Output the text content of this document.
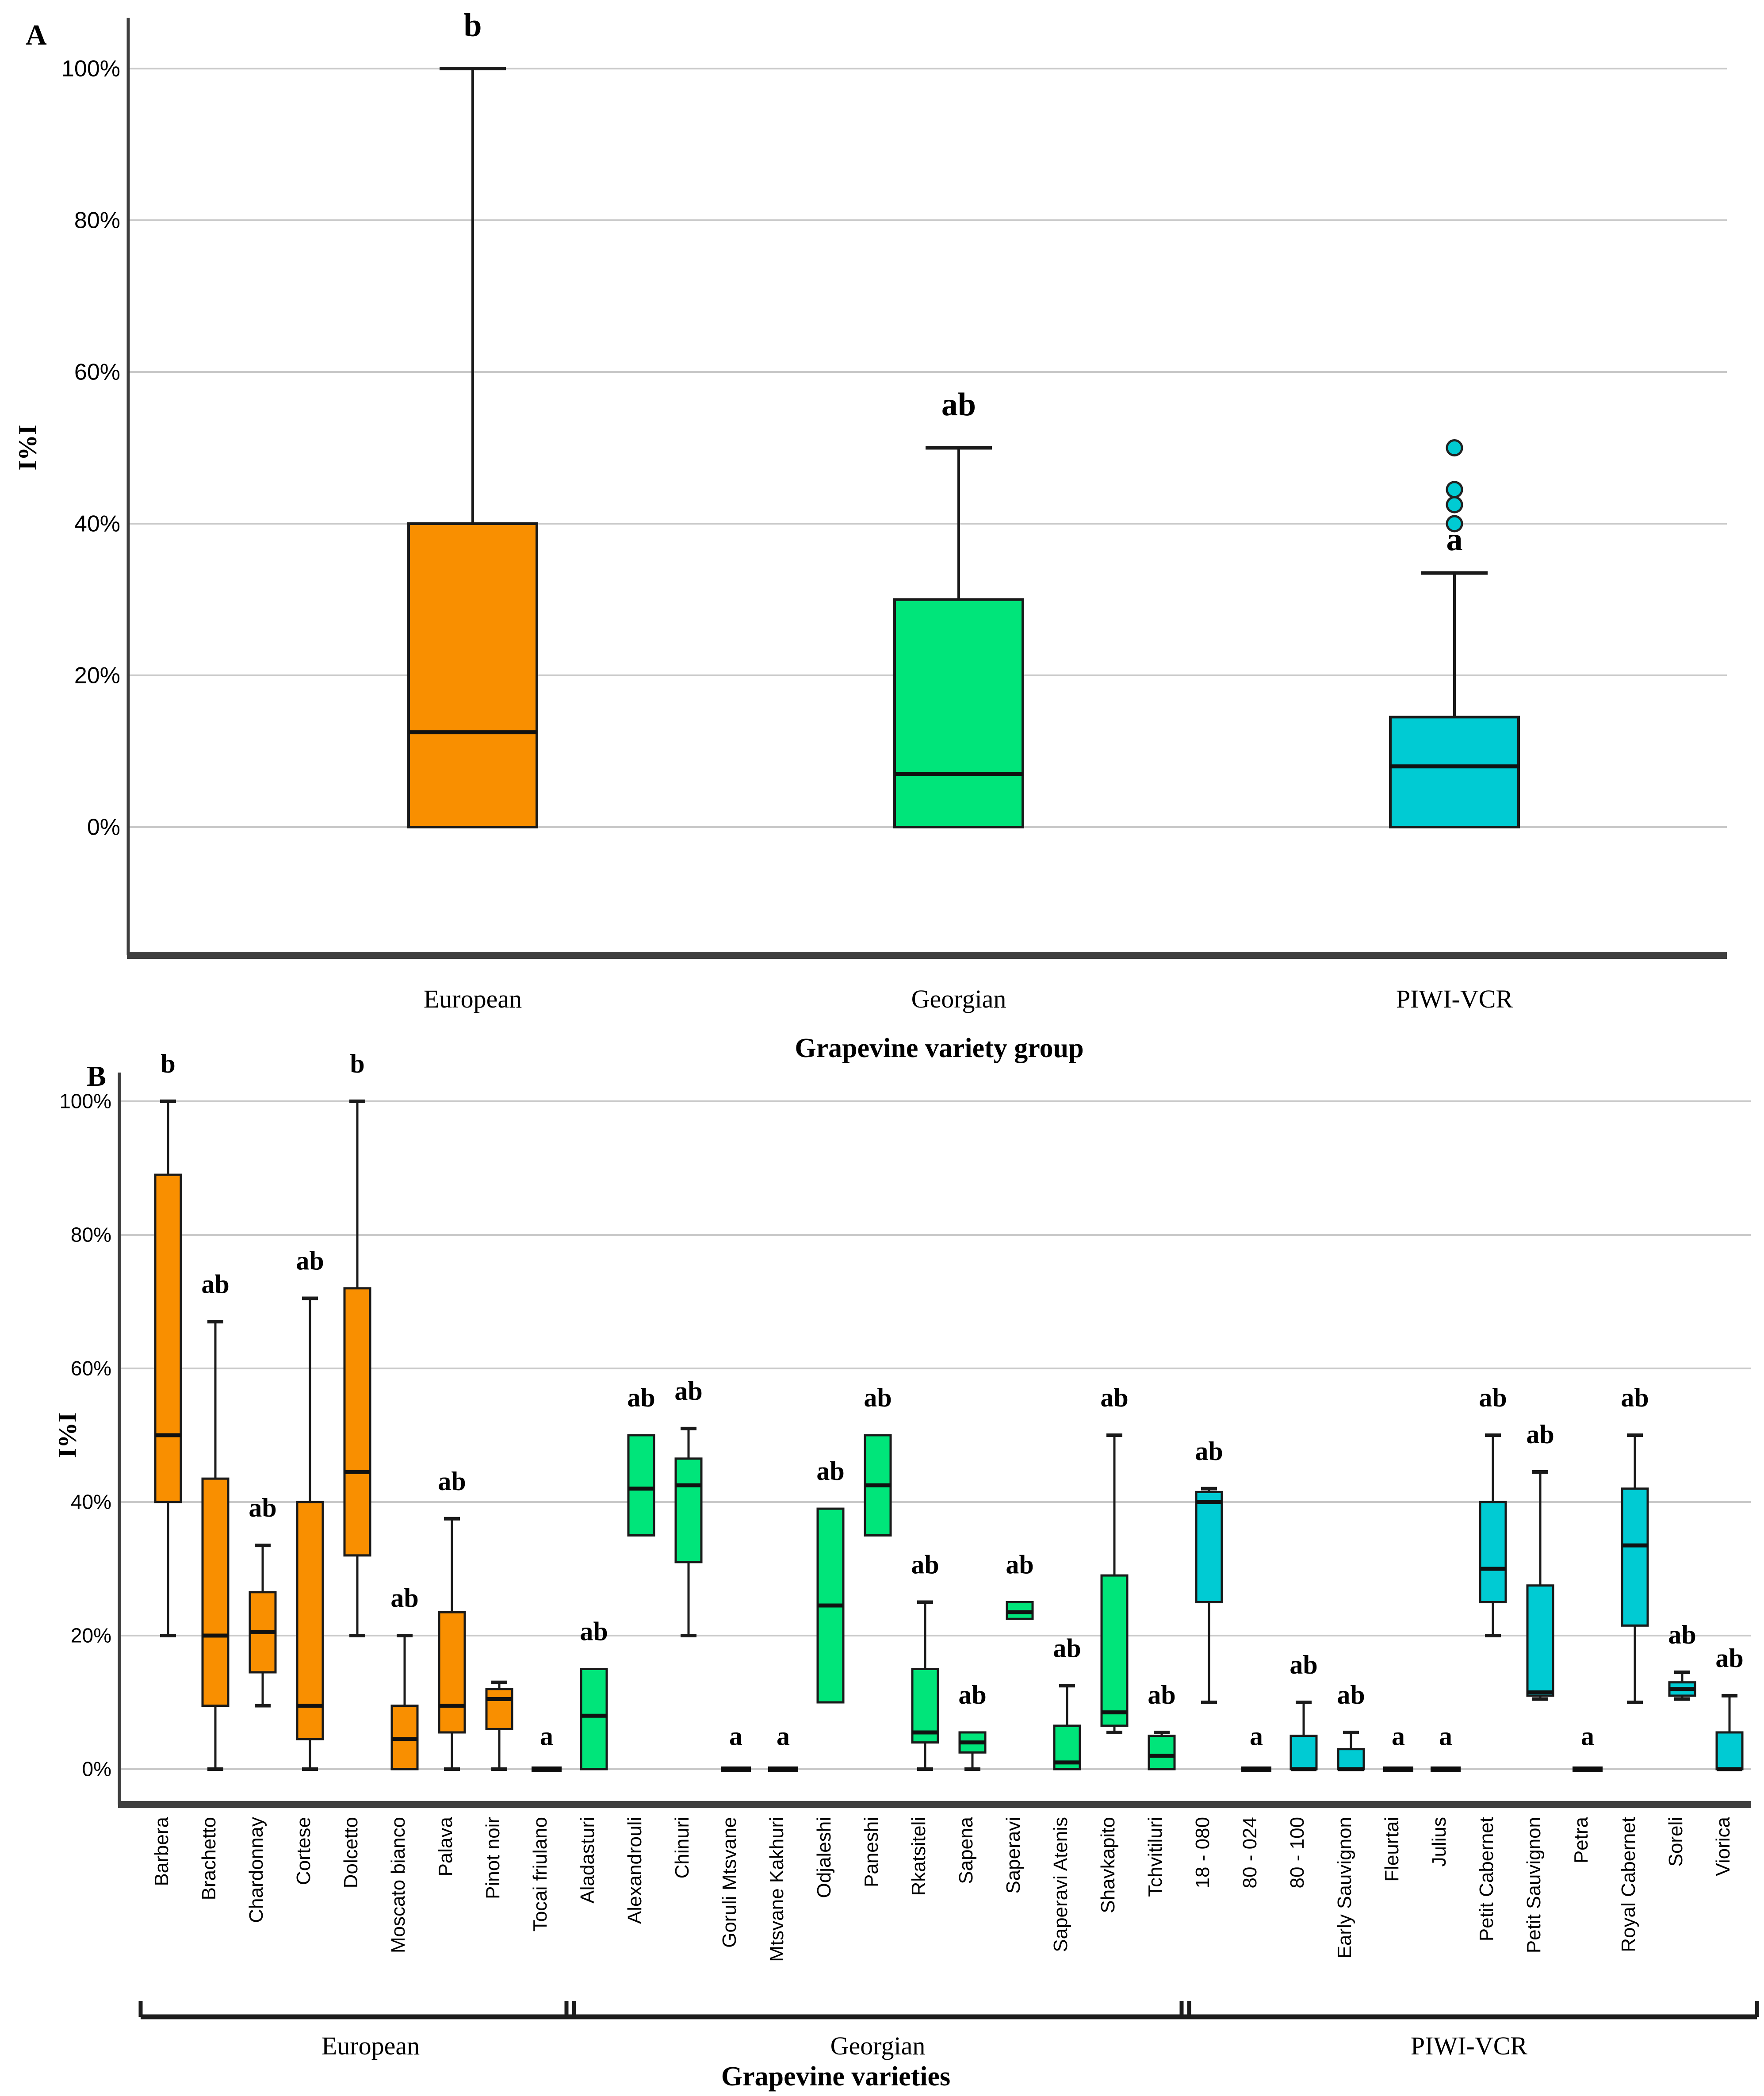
0%
20%
40%
60%
80%
100%
b
ab
a
0%
20%
40%
60%
80%
100%
b
Barbera
ab
Brachetto
ab
Chardonnay
ab
Cortese
b
Dolcetto
ab
Moscato bianco
ab
Palava Pinot noir
a
Tocai friulano
ab
Aladasturi
ab
Alexandrouli
ab
Chinuri
a
Goruli Mtsvane
a
Mtsvane Kakhuri
ab
Odjaleshi
ab
Paneshi
ab
Rkatsiteli
ab
Sapena
ab
Saperavi
ab
Saperavi Atenis
ab
Shavkapito
ab
Tchvitiluri
ab
18 - 080
a
80 - 024
ab
80 - 100
ab
Early Sauvignon
a
Fleurtai
a
Julius
ab
Petit Cabernet
ab
Petit Sauvignon
a
Petra
ab
Royal Cabernet
ab
Soreli
ab
Viorica
A
I%I
European	Georgian	PIWI-VCR
Grapevine variety group
B
I%I
European	Georgian	PIWI-VCR
Grapevine varieties
